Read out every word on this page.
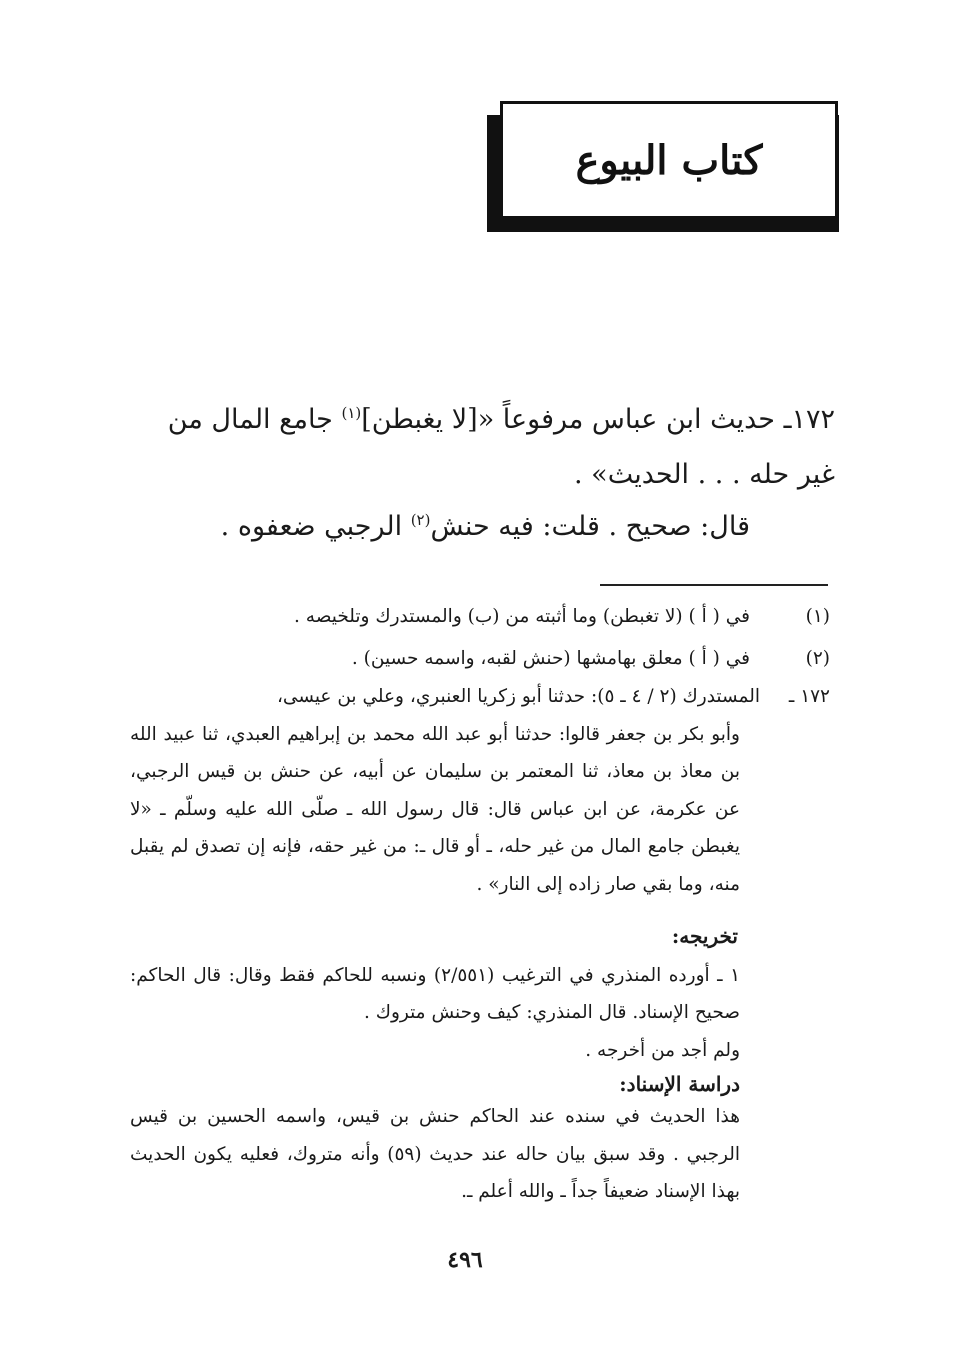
كتاب البيوع
١٧٢ـ حديث ابن عباس مرفوعاً «[لا يغبطن]$^{(١)}$ جامع المال من غير حله . . . الحديث» .
قال: صحيح . قلت: فيه حنش$^{(٢)}$ الرجبي ضعفوه .
(١)
في ( أ ) (لا تغبطن) وما أثبته من (ب) والمستدرك وتلخيصه .
(٢)
في ( أ ) معلق بهامشها (حنش لقبه، واسمه حسين) .
١٧٢ ـالمستدرك (٢ / ٤ ـ ٥): حدثنا أبو زكريا العنبري، وعلي بن عيسى،
وأبو بكر بن جعفر قالوا: حدثنا أبو عبد الله محمد بن إبراهيم العبدي، ثنا عبيد الله بن معاذ بن معاذ، ثنا المعتمر بن سليمان عن أبيه، عن حنش بن قيس الرجبي، عن عكرمة، عن ابن عباس قال: قال رسول الله ـ صلّى الله عليه وسلّم ـ «لا يغبطن جامع المال من غير حله، ـ أو قال ـ: من غير حقه، فإنه إن تصدق لم يقبل منه، وما بقي صار زاده إلى النار» .
تخريجه:
١ ـ أورده المنذري في الترغيب (٢/٥٥١) ونسبه للحاكم فقط وقال: قال الحاكم: صحيح الإسناد. قال المنذري: كيف وحنش متروك .
ولم أجد من أخرجه .
دراسة الإسناد:
هذا الحديث في سنده عند الحاكم حنش بن قيس، واسمه الحسين بن قيس الرجبي . وقد سبق بيان حاله عند حديث (٥٩) وأنه متروك، فعليه يكون الحديث بهذا الإسناد ضعيفاً جداً ـ والله أعلم ـ.
٤٩٦
